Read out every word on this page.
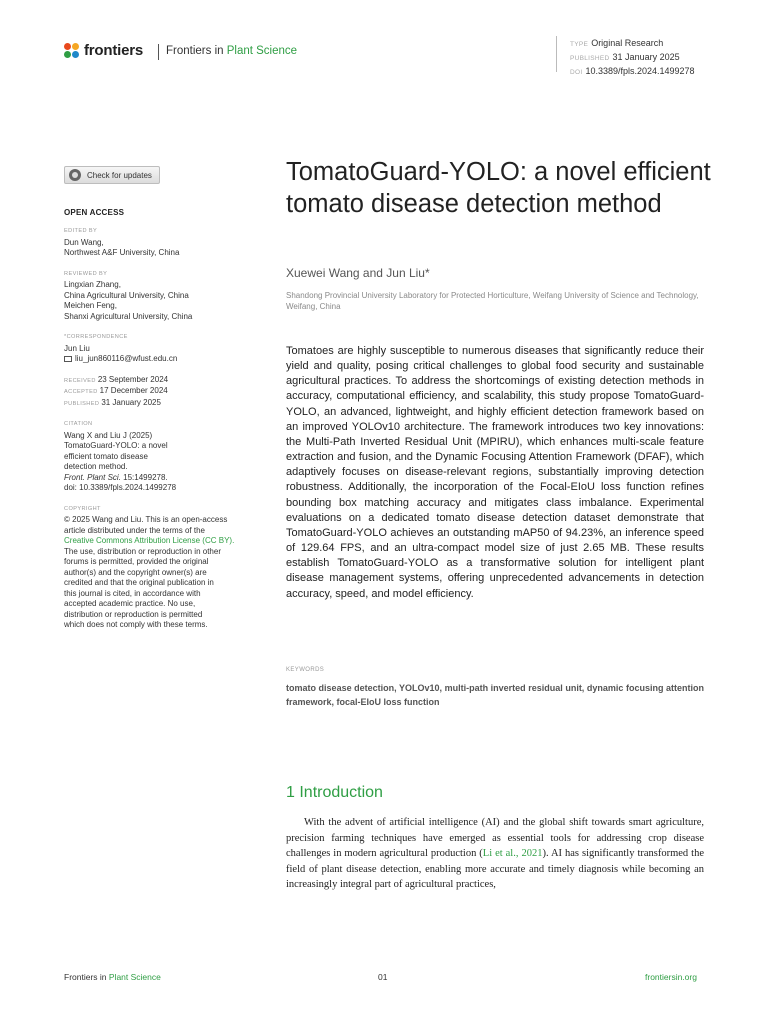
frontiers Frontiers in Plant Science
TYPE Original Research
PUBLISHED 31 January 2025
DOI 10.3389/fpls.2024.1499278
Check for updates
OPEN ACCESS
EDITED BY
Dun Wang,
Northwest A&F University, China
REVIEWED BY
Lingxian Zhang,
China Agricultural University, China
Meichen Feng,
Shanxi Agricultural University, China
*CORRESPONDENCE
Jun Liu
liu_jun860116@wfust.edu.cn
RECEIVED 23 September 2024
ACCEPTED 17 December 2024
PUBLISHED 31 January 2025
CITATION
Wang X and Liu J (2025)
TomatoGuard-YOLO: a novel
efficient tomato disease
detection method.
Front. Plant Sci. 15:1499278.
doi: 10.3389/fpls.2024.1499278
COPYRIGHT
© 2025 Wang and Liu. This is an open-access
article distributed under the terms of the
Creative Commons Attribution License (CC BY).
The use, distribution or reproduction in other
forums is permitted, provided the original
author(s) and the copyright owner(s) are
credited and that the original publication in
this journal is cited, in accordance with
accepted academic practice. No use,
distribution or reproduction is permitted
which does not comply with these terms.
TomatoGuard-YOLO: a novel efficient tomato disease detection method
Xuewei Wang and Jun Liu*
Shandong Provincial University Laboratory for Protected Horticulture, Weifang University of Science and Technology, Weifang, China
Tomatoes are highly susceptible to numerous diseases that significantly reduce their yield and quality, posing critical challenges to global food security and sustainable agricultural practices. To address the shortcomings of existing detection methods in accuracy, computational efficiency, and scalability, this study propose TomatoGuard-YOLO, an advanced, lightweight, and highly efficient detection framework based on an improved YOLOv10 architecture. The framework introduces two key innovations: the Multi-Path Inverted Residual Unit (MPIRU), which enhances multi-scale feature extraction and fusion, and the Dynamic Focusing Attention Framework (DFAF), which adaptively focuses on disease-relevant regions, substantially improving detection robustness. Additionally, the incorporation of the Focal-EIoU loss function refines bounding box matching accuracy and mitigates class imbalance. Experimental evaluations on a dedicated tomato disease detection dataset demonstrate that TomatoGuard-YOLO achieves an outstanding mAP50 of 94.23%, an inference speed of 129.64 FPS, and an ultra-compact model size of just 2.65 MB. These results establish TomatoGuard-YOLO as a transformative solution for intelligent plant disease management systems, offering unprecedented advancements in detection accuracy, speed, and model efficiency.
KEYWORDS
tomato disease detection, YOLOv10, multi-path inverted residual unit, dynamic focusing attention framework, focal-EIoU loss function
1 Introduction
With the advent of artificial intelligence (AI) and the global shift towards smart agriculture, precision farming techniques have emerged as essential tools for addressing crop disease challenges in modern agricultural production (Li et al., 2021). AI has significantly transformed the field of plant disease detection, enabling more accurate and timely diagnosis while becoming an increasingly integral part of agricultural practices,
Frontiers in Plant Science	01	frontiersin.org
